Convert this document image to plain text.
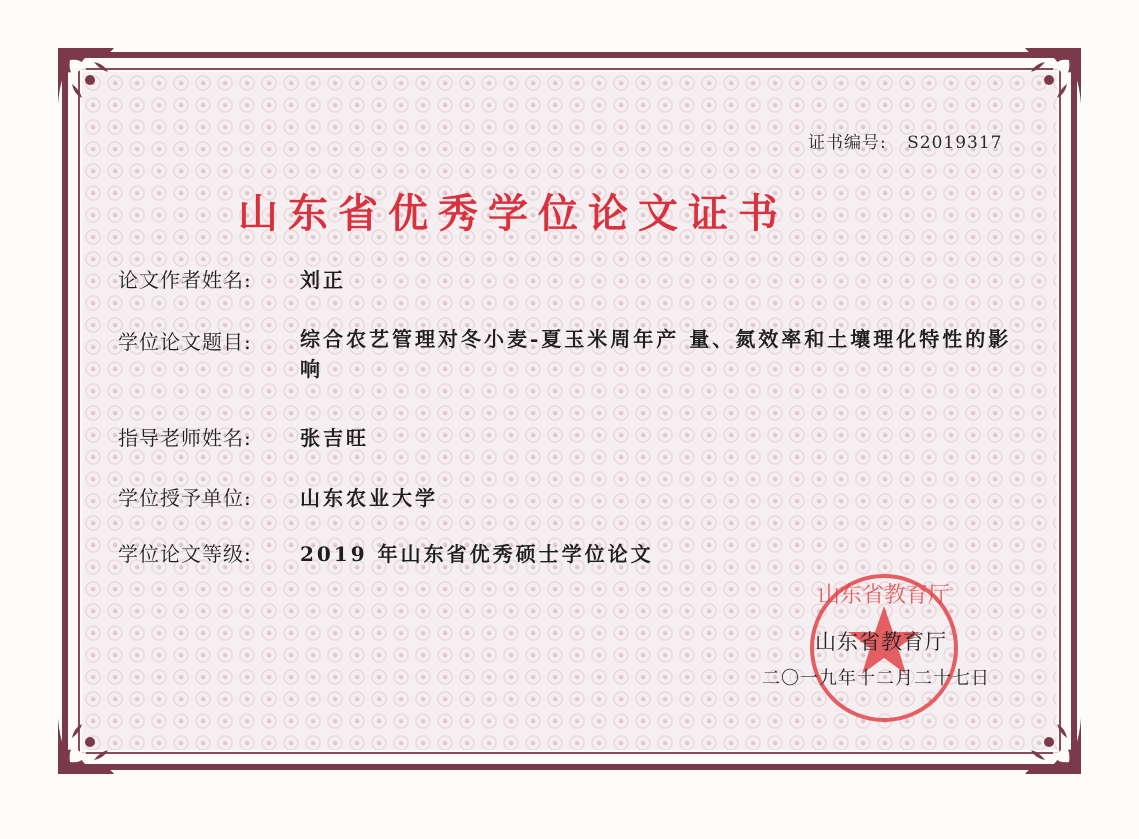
证书编号: S2019317
山东省优秀学位论文证书
论文作者姓名: 刘正
学位论文题目: 综合农艺管理对冬小麦-夏玉米周年产 量、氮效率和土壤理化特性的影响
指导老师姓名: 张吉旺
学位授予单位: 山东农业大学
学位论文等级: 2019 年山东省优秀硕士学位论文
山东省教育厅
山东省教育厅
二〇一九年十二月二十七日
